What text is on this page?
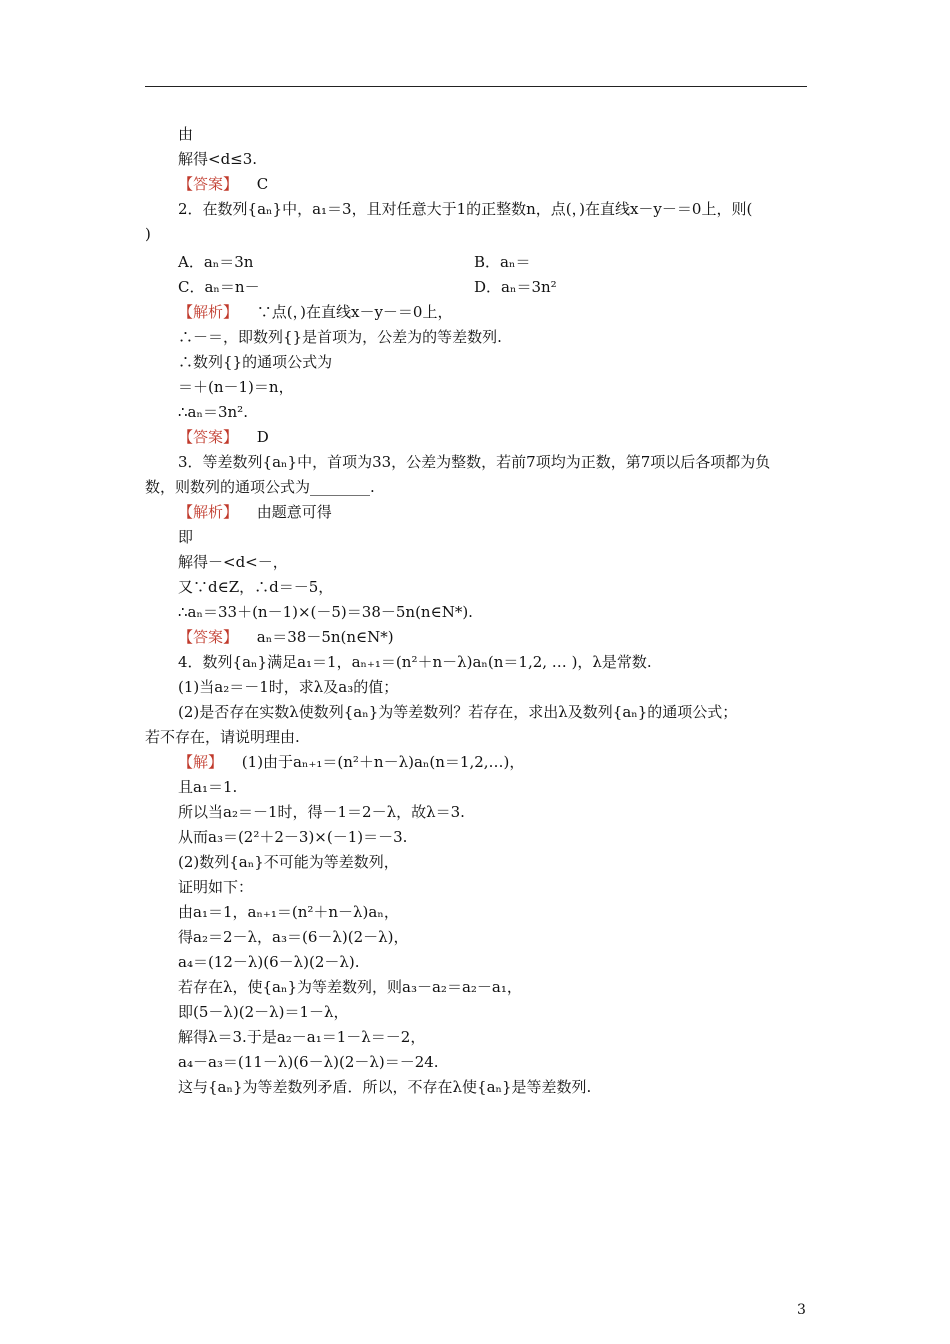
由
解得<d≤3.
【答案】 C
2．在数列{aₙ}中，a₁＝3，且对任意大于1的正整数n，点(，)在直线x－y－＝0上，则(
)
A．aₙ＝3n	B．aₙ＝
C．aₙ＝n－	D．aₙ＝3n²
【解析】 ∵点(，)在直线x－y－＝0上，
∴－＝，即数列{}是首项为，公差为的等差数列.
∴数列{}的通项公式为
＝＋(n－1)＝n，
∴aₙ＝3n².
【答案】 D
3．等差数列{aₙ}中，首项为33，公差为整数，若前7项均为正数，第7项以后各项都为负
数，则数列的通项公式为________.
【解析】 由题意可得
即
解得－<d<－，
又∵d∈Z，∴d＝－5，
∴aₙ＝33＋(n－1)×(－5)＝38－5n(n∈N*).
【答案】 aₙ＝38－5n(n∈N*)
4．数列{aₙ}满足a₁＝1，aₙ₊₁＝(n²＋n－λ)aₙ(n＝1,2, … )，λ是常数.
(1)当a₂＝－1时，求λ及a₃的值；
(2)是否存在实数λ使数列{aₙ}为等差数列？若存在，求出λ及数列{aₙ}的通项公式；
若不存在，请说明理由.
【解】 (1)由于aₙ₊₁＝(n²＋n－λ)aₙ(n＝1,2,…)，
且a₁＝1.
所以当a₂＝－1时，得－1＝2－λ，故λ＝3.
从而a₃＝(2²＋2－3)×(－1)＝－3.
(2)数列{aₙ}不可能为等差数列，
证明如下：
由a₁＝1，aₙ₊₁＝(n²＋n－λ)aₙ，
得a₂＝2－λ，a₃＝(6－λ)(2－λ)，
a₄＝(12－λ)(6－λ)(2－λ).
若存在λ，使{aₙ}为等差数列，则a₃－a₂＝a₂－a₁，
即(5－λ)(2－λ)＝1－λ，
解得λ＝3.于是a₂－a₁＝1－λ＝－2，
a₄－a₃＝(11－λ)(6－λ)(2－λ)＝－24.
这与{aₙ}为等差数列矛盾．所以，不存在λ使{aₙ}是等差数列.
3
